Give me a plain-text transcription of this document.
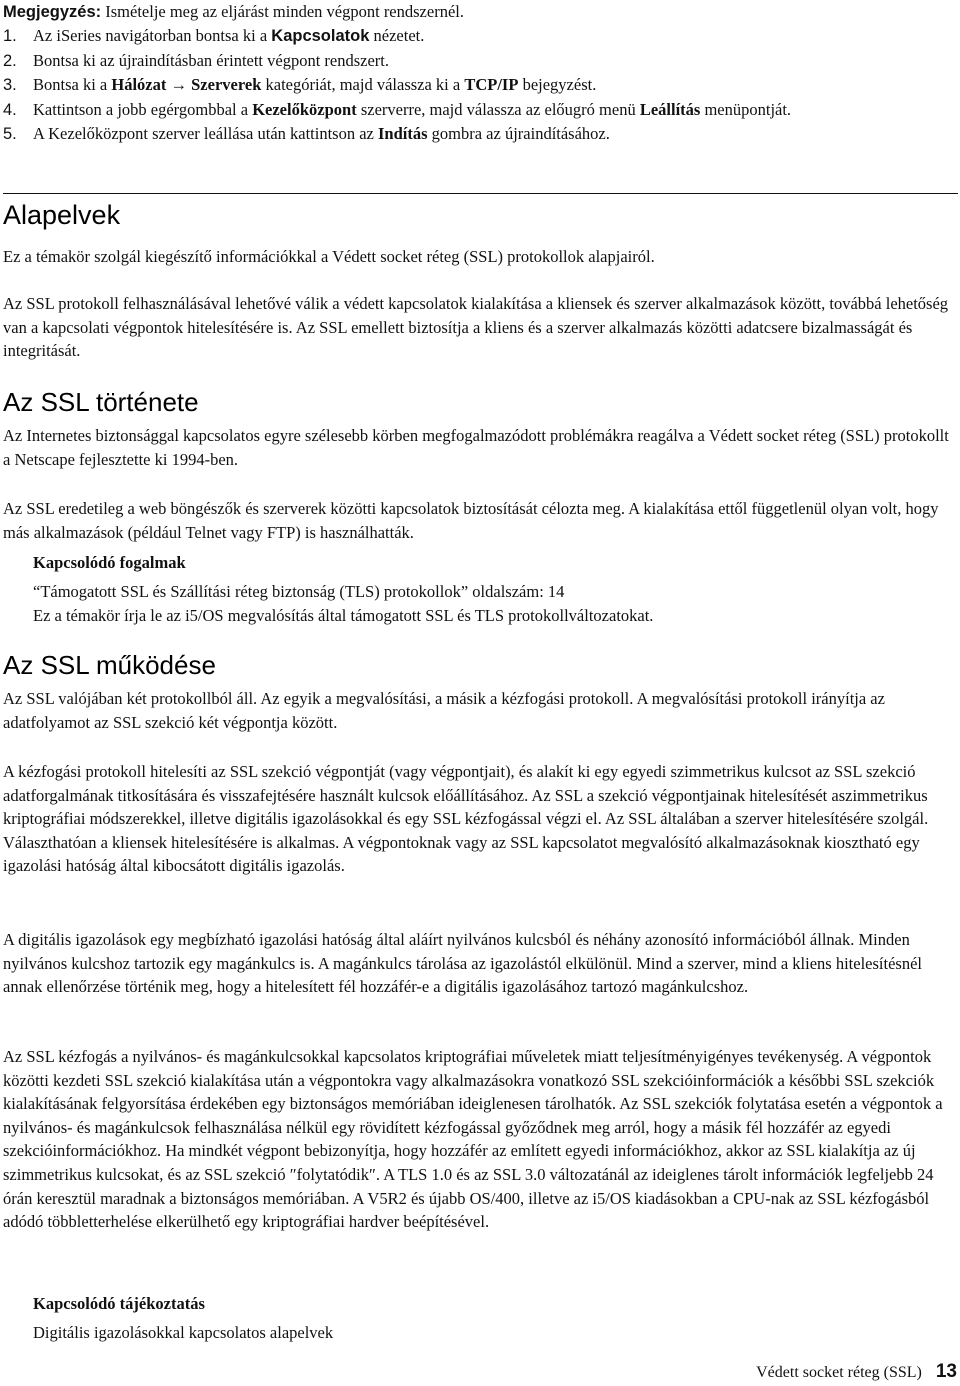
Megjegyzés: Ismételje meg az eljárást minden végpont rendszernél.

1. Az iSeries navigátorban bontsa ki a Kapcsolatok nézetet.
2. Bontsa ki az újraindításban érintett végpont rendszert.
3. Bontsa ki a Hálózat → Szerverek kategóriát, majd válassza ki a TCP/IP bejegyzést.
4. Kattintson a jobb egérgombbal a Kezelőközpont szerverre, majd válassza az előugró menü Leállítás menüpontját.
5. A Kezelőközpont szerver leállása után kattintson az Indítás gombra az újraindításához.
Alapelvek

Ez a témakör szolgál kiegészítő információkkal a Védett socket réteg (SSL) protokollok alapjairól.

Az SSL protokoll felhasználásával lehetővé válik a védett kapcsolatok kialakítása a kliensek és szerver alkalmazások között, továbbá lehetőség van a kapcsolati végpontok hitelesítésére is. Az SSL emellett biztosítja a kliens és a szerver alkalmazás közötti adatcsere bizalmasságát és integritását.

Az SSL története

Az Internetes biztonsággal kapcsolatos egyre szélesebb körben megfogalmazódott problémákra reagálva a Védett socket réteg (SSL) protokollt a Netscape fejlesztette ki 1994-ben.

Az SSL eredetileg a web böngészők és szerverek közötti kapcsolatok biztosítását célozta meg. A kialakítása ettől függetlenül olyan volt, hogy más alkalmazások (például Telnet vagy FTP) is használhatták.

Kapcsolódó fogalmak

“Támogatott SSL és Szállítási réteg biztonság (TLS) protokollok” oldalszám: 14

Ez a témakör írja le az i5/OS megvalósítás által támogatott SSL és TLS protokollváltozatokat.

Az SSL működése

Az SSL valójában két protokollból áll. Az egyik a megvalósítási, a másik a kézfogási protokoll. A megvalósítási protokoll irányítja az adatfolyamot az SSL szekció két végpontja között.

A kézfogási protokoll hitelesíti az SSL szekció végpontját (vagy végpontjait), és alakít ki egy egyedi szimmetrikus kulcsot az SSL szekció adatforgalmának titkosítására és visszafejtésére használt kulcsok előállításához. Az SSL a szekció végpontjainak hitelesítését aszimmetrikus kriptográfiai módszerekkel, illetve digitális igazolásokkal és egy SSL kézfogással végzi el. Az SSL általában a szerver hitelesítésére szolgál. Választhatóan a kliensek hitelesítésére is alkalmas. A végpontoknak vagy az SSL kapcsolatot megvalósító alkalmazásoknak kiosztható egy igazolási hatóság által kibocsátott digitális igazolás.

A digitális igazolások egy megbízható igazolási hatóság által aláírt nyilvános kulcsból és néhány azonosító információból állnak. Minden nyilvános kulcshoz tartozik egy magánkulcs is. A magánkulcs tárolása az igazolástól elkülönül. Mind a szerver, mind a kliens hitelesítésnél annak ellenőrzése történik meg, hogy a hitelesített fél hozzáfér-e a digitális igazolásához tartozó magánkulcshoz.

Az SSL kézfogás a nyilvános- és magánkulcsokkal kapcsolatos kriptográfiai műveletek miatt teljesítményigényes tevékenység. A végpontok közötti kezdeti SSL szekció kialakítása után a végpontokra vagy alkalmazásokra vonatkozó SSL szekcióinformációk a későbbi SSL szekciók kialakításának felgyorsítása érdekében egy biztonságos memóriában ideiglenesen tárolhatók. Az SSL szekciók folytatása esetén a végpontok a nyilvános- és magánkulcsok felhasználása nélkül egy rövidített kézfogással győződnek meg arról, hogy a másik fél hozzáfér az egyedi szekcióinformációkhoz. Ha mindkét végpont bebizonyítja, hogy hozzáfér az említett egyedi információkhoz, akkor az SSL kialakítja az új szimmetrikus kulcsokat, és az SSL szekció ″folytatódik″. A TLS 1.0 és az SSL 3.0 változatánál az ideiglenes tárolt információk legfeljebb 24 órán keresztül maradnak a biztonságos memóriában. A V5R2 és újabb OS/400, illetve az i5/OS kiadásokban a CPU-nak az SSL kézfogásból adódó többletterhelése elkerülhető egy kriptográfiai hardver beépítésével.

Kapcsolódó tájékoztatás

Digitális igazolásokkal kapcsolatos alapelvek

Védett socket réteg (SSL) 13
